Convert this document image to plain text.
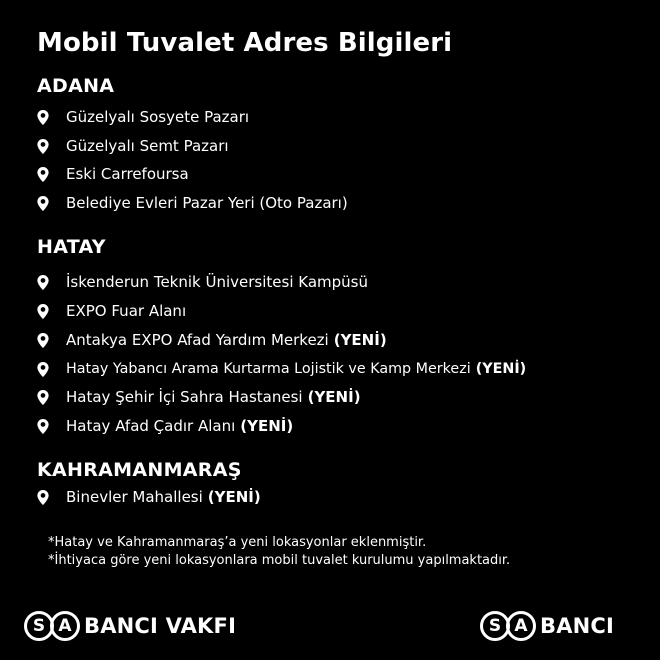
Mobil Tuvalet Adres Bilgileri
ADANA
Güzelyalı Sosyete Pazarı
Güzelyalı Semt Pazarı
Eski Carrefoursa
Belediye Evleri Pazar Yeri (Oto Pazarı)
HATAY
İskenderun Teknik Üniversitesi Kampüsü
EXPO Fuar Alanı
Antakya EXPO Afad Yardım Merkezi (YENİ)
Hatay Yabancı Arama Kurtarma Lojistik ve Kamp Merkezi (YENİ)
Hatay Şehir İçi Sahra Hastanesi (YENİ)
Hatay Afad Çadır Alanı (YENİ)
KAHRAMANMARAŞ
Binevler Mahallesi (YENİ)
*Hatay ve Kahramanmaraş’a yeni lokasyonlar eklenmiştir.
*İhtiyaca göre yeni lokasyonlara mobil tuvalet kurulumu yapılmaktadır.
S A BANCI VAKFI	S A BANCI
